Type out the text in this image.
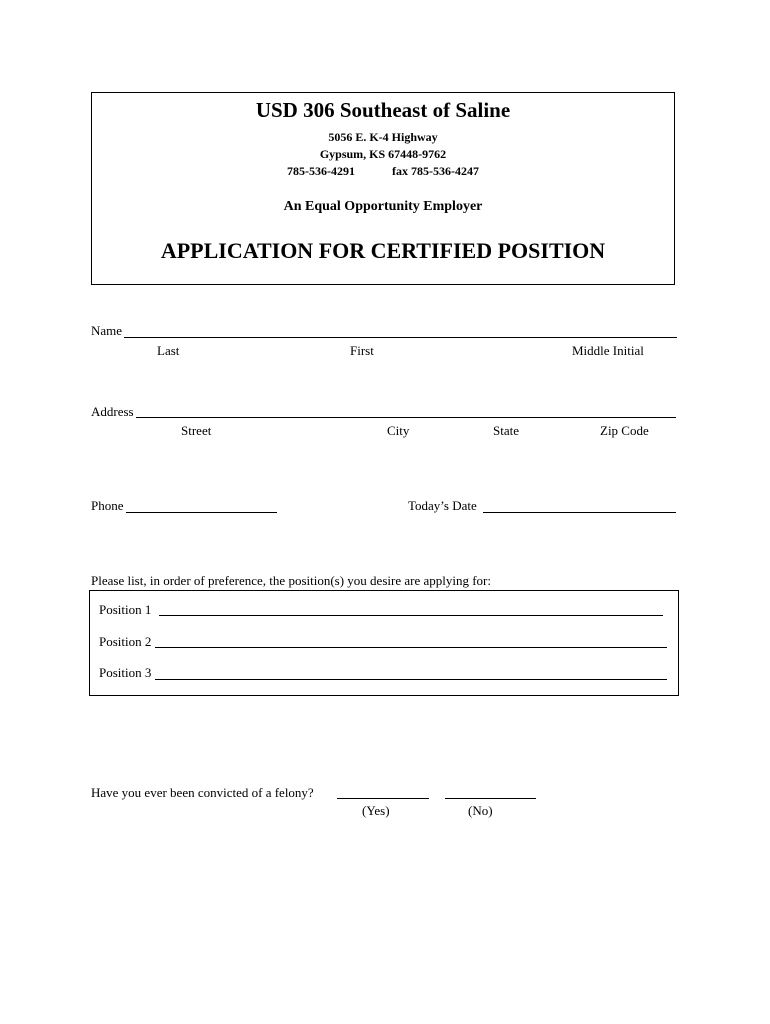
USD 306 Southeast of Saline
5056 E. K-4 Highway
Gypsum, KS 67448-9762
785-536-4291	fax 785-536-4247
An Equal Opportunity Employer
APPLICATION FOR CERTIFIED POSITION
Name
Last	First	Middle Initial
Address
Street	City	State	Zip Code
Phone	Today’s Date
Please list, in order of preference, the position(s) you desire are applying for:
Position 1
Position 2
Position 3
Have you ever been convicted of a felony?
(Yes)	(No)
